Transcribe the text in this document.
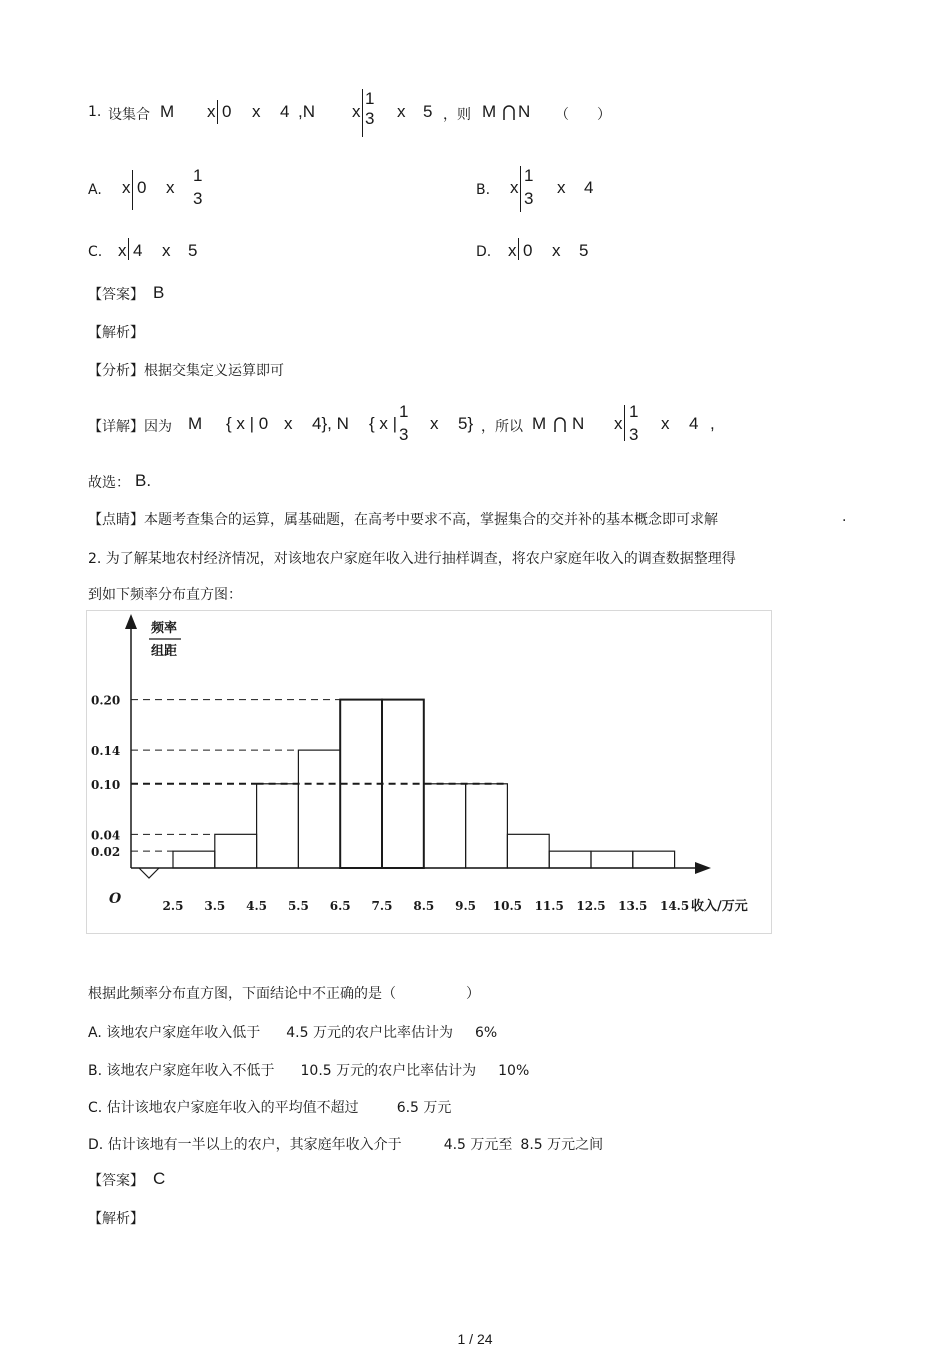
1. 设集合 M x 0 x 4 ,N x
1
3 x 5 ，则 M N （　　）
A. x 0 x
1
3	B. x
1
3
x 4
C. x 4 x 5	D. x 0 x 5
【答案】 B
【解析】
【分析】根据交集定义运算即可
【详解】因为 M { x | 0 x 4}, N { x |
1
3
x 5} ，所以 M N x
1
3
x 4 ,
故选： B.
【点睛】本题考查集合的运算，属基础题，在高考中要求不高，掌握集合的交并补的基本概念即可求解	.
2. 为了解某地农村经济情况，对该地农户家庭年收入进行抽样调查，将农户家庭年收入的调查数据整理得
到如下频率分布直方图：
0.02
0.04
0.10
0.14
0.20
频率
组距
O	2.5 3.5 4.5 5.5 6.5 7.5 8.5 9.5 10.5 11.5 12.5 13.5 14.5 收入/万元
根据此频率分布直方图，下面结论中不正确的是（　　　　　）
A. 该地农户家庭年收入低于 4.5 万元的农户比率估计为 6%
B. 该地农户家庭年收入不低于 10.5 万元的农户比率估计为 10%
C. 估计该地农户家庭年收入的平均值不超过	6.5 万元
D. 估计该地有一半以上的农户，其家庭年收入介于	4.5 万元至 8.5 万元之间
【答案】 C
【解析】
1 / 24
